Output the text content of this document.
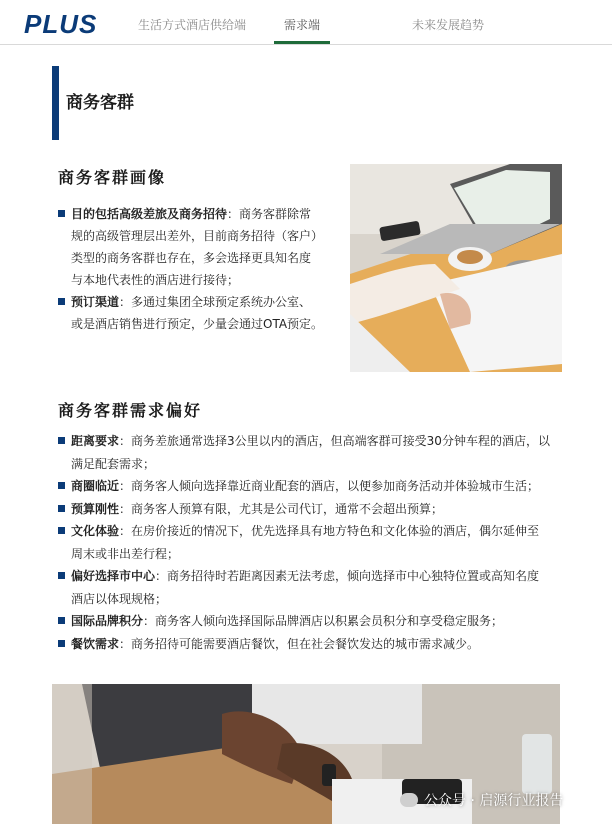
PLUS	生活方式酒店供给端	需求端	未来发展趋势
商务客群
商务客群画像
目的包括高级差旅及商务招待：商务客群除常
规的高级管理层出差外，目前商务招待（客户）
类型的商务客群也存在，多会选择更具知名度
与本地代表性的酒店进行接待；
预订渠道：多通过集团全球预定系统办公室、
或是酒店销售进行预定，少量会通过OTA预定。
商务客群需求偏好
距离要求：商务差旅通常选择3公里以内的酒店，但高端客群可接受30分钟车程的酒店，以
满足配套需求；
商圈临近：商务客人倾向选择靠近商业配套的酒店，以便参加商务活动并体验城市生活；
预算刚性：商务客人预算有限，尤其是公司代订，通常不会超出预算；
文化体验：在房价接近的情况下，优先选择具有地方特色和文化体验的酒店，偶尔延伸至
周末或非出差行程；
偏好选择市中心：商务招待时若距离因素无法考虑，倾向选择市中心独特位置或高知名度
酒店以体现规格；
国际品牌积分：商务客人倾向选择国际品牌酒店以积累会员积分和享受稳定服务；
餐饮需求：商务招待可能需要酒店餐饮，但在社会餐饮发达的城市需求减少。
公众号 · 启源行业报告
